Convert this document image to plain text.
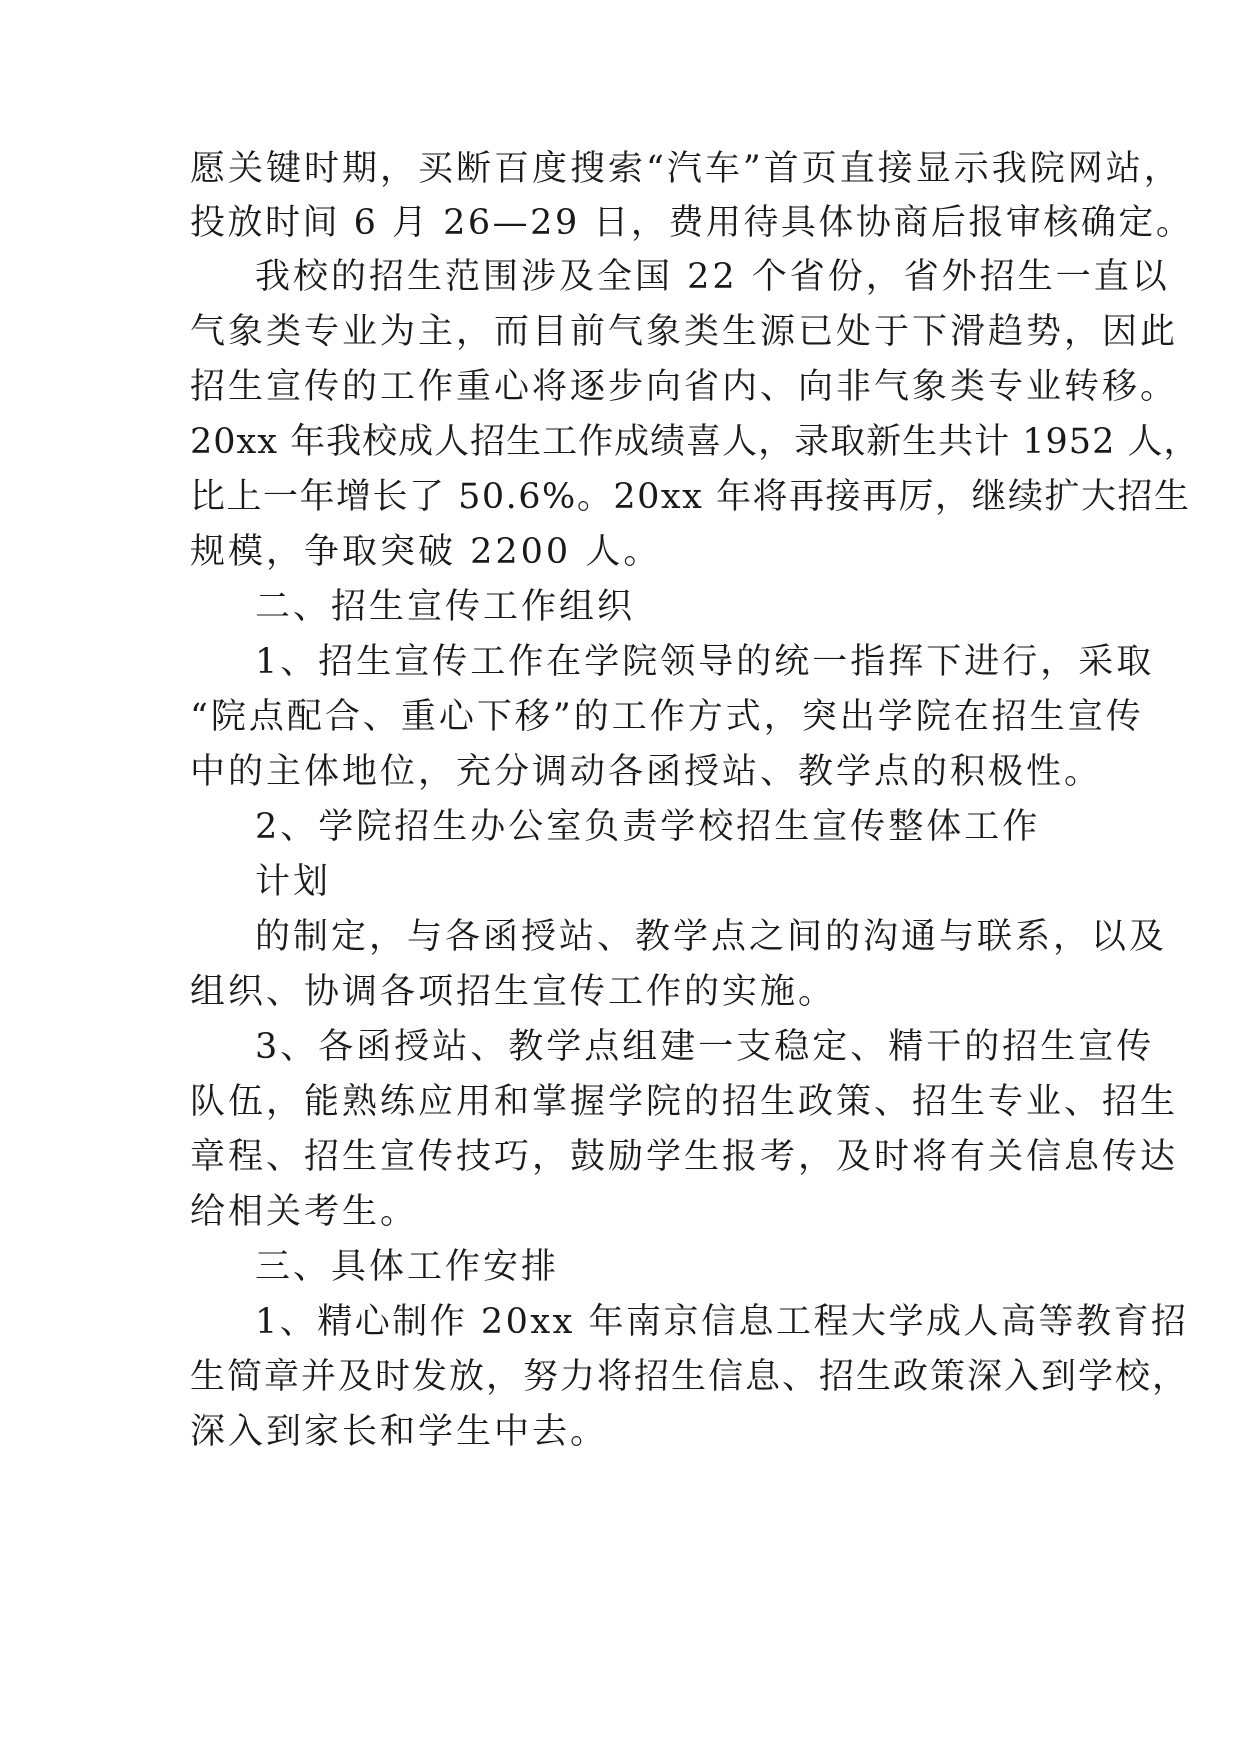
愿关键时期，买断百度搜索“汽车”首页直接显示我院网站，
投放时间 6 月 26—29 日，费用待具体协商后报审核确定。
我校的招生范围涉及全国 22 个省份，省外招生一直以
气象类专业为主，而目前气象类生源已处于下滑趋势，因此
招生宣传的工作重心将逐步向省内、向非气象类专业转移。
20xx 年我校成人招生工作成绩喜人，录取新生共计 1952 人，
比上一年增长了 50.6%。20xx 年将再接再厉，继续扩大招生
规模，争取突破 2200 人。
二、招生宣传工作组织
1、招生宣传工作在学院领导的统一指挥下进行，采取
“院点配合、重心下移”的工作方式，突出学院在招生宣传
中的主体地位，充分调动各函授站、教学点的积极性。
2、学院招生办公室负责学校招生宣传整体工作
计划
的制定，与各函授站、教学点之间的沟通与联系，以及
组织、协调各项招生宣传工作的实施。
3、各函授站、教学点组建一支稳定、精干的招生宣传
队伍，能熟练应用和掌握学院的招生政策、招生专业、招生
章程、招生宣传技巧，鼓励学生报考，及时将有关信息传达
给相关考生。
三、具体工作安排
1、精心制作 20xx 年南京信息工程大学成人高等教育招
生简章并及时发放，努力将招生信息、招生政策深入到学校，
深入到家长和学生中去。
